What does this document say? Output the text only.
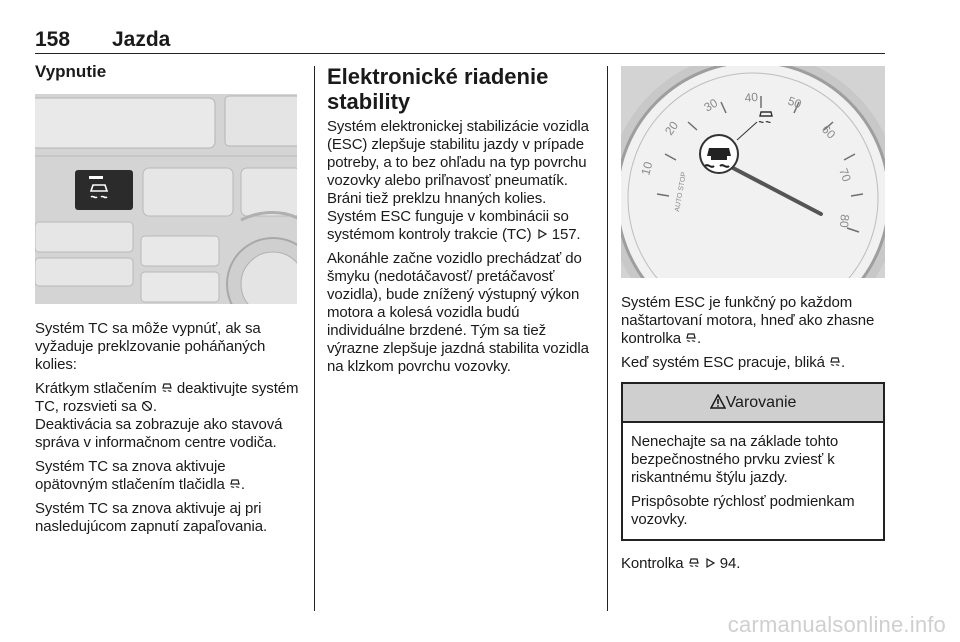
158 Jazda
Vypnutie

Systém TC sa môže vypnúť, ak sa vyžaduje preklzovanie poháňaných kolies:

Krátkym stlačením deaktivujte systém TC, rozsvieti sa .
Deaktivácia sa zobrazuje ako stavová správa v informačnom centre vodiča.

Systém TC sa znova aktivuje opätovným stlačením tlačidla .

Systém TC sa znova aktivuje aj pri nasledujúcom zapnutí zapaľovania.

Elektronické riadenie stability

Systém elektronickej stabilizácie vozidla (ESC) zlepšuje stabilitu jazdy v prípade potreby, a to bez ohľadu na typ povrchu vozovky alebo priľnavosť pneumatík. Bráni tiež preklzu hnaných kolies. Systém ESC funguje v kombinácii so systémom kontroly trakcie (TC) 157.

Akonáhle začne vozidlo prechádzať do šmyku (nedotáčavosť/ pretáčavosť vozidla), bude znížený výstupný výkon motora a kolesá vozidla budú individuálne brzdené. Tým sa tiež výrazne zlepšuje jazdná stabilita vozidla na klzkom povrchu vozovky.

10
20
30 40 50
60
70
80
AUTO STOP

Systém ESC je funkčný po každom naštartovaní motora, hneď ako zhasne kontrolka .

Keď systém ESC pracuje, bliká .

Varovanie

Nenechajte sa na základe tohto bezpečnostného prvku zviesť k riskantnému štýlu jazdy.

Prispôsobte rýchlosť podmienkam vozovky.

Kontrolka
94.

carmanualsonline.info
